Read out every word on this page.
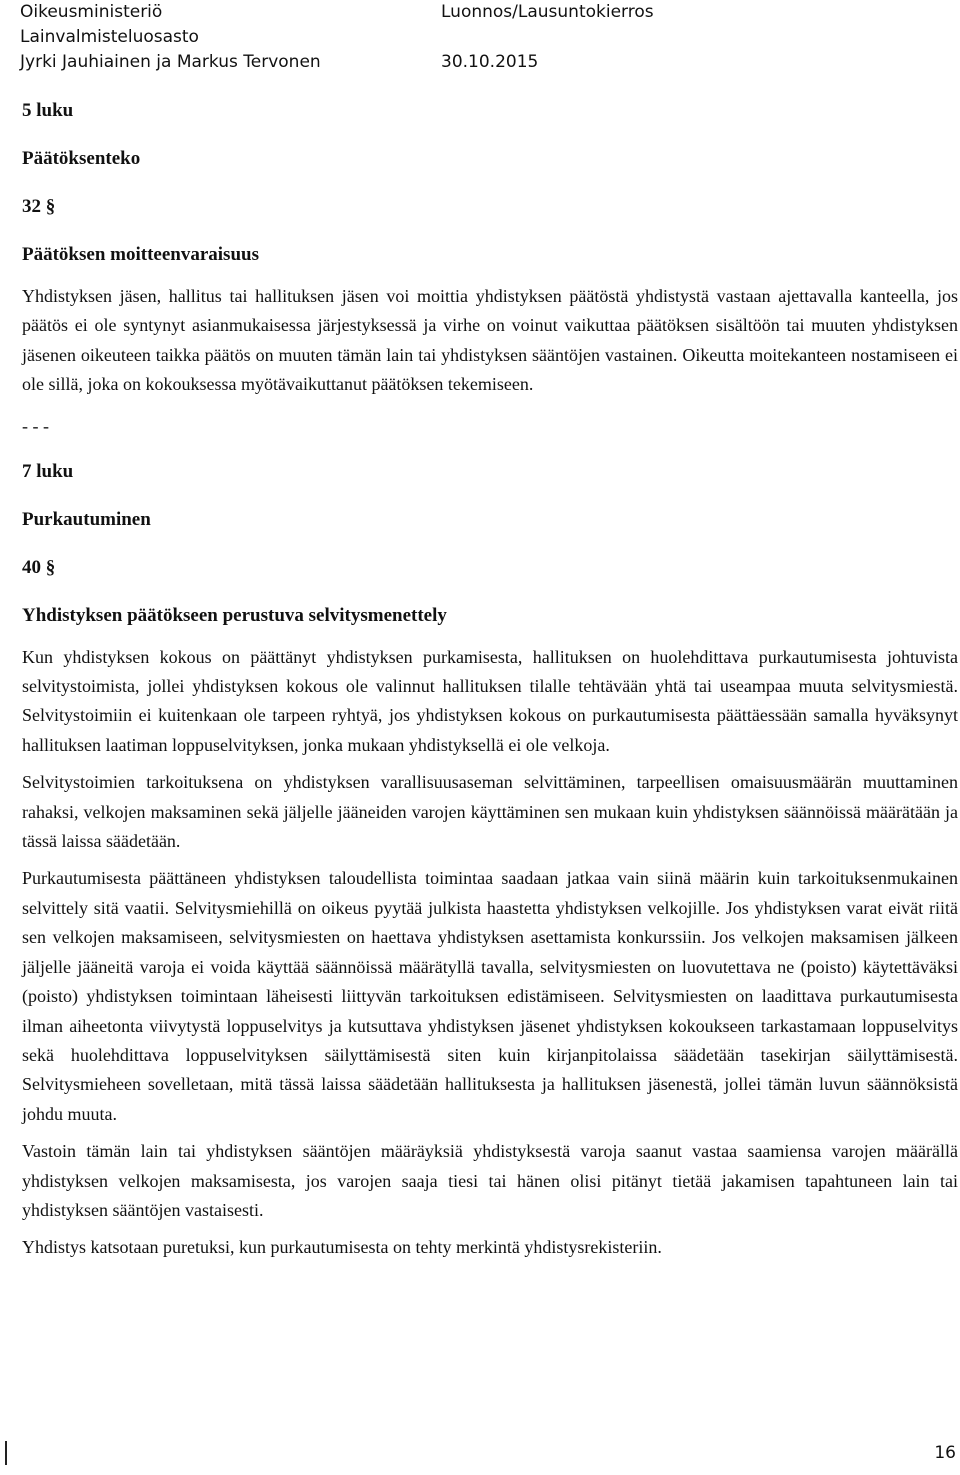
Oikeusministeriö	Luonnos/Lausuntokierros
Lainvalmisteluosasto
Jyrki Jauhiainen ja Markus Tervonen	30.10.2015

5 luku

Päätöksenteko

32 §

Päätöksen moitteenvaraisuus

Yhdistyksen jäsen, hallitus tai hallituksen jäsen voi moittia yhdistyksen päätöstä yhdistystä vastaan ajettavalla kanteella, jos päätös ei ole syntynyt asianmukaisessa järjestyksessä ja virhe on voinut vaikuttaa päätöksen sisältöön tai muuten yhdistyksen jäsenen oikeuteen taikka päätös on muuten tämän lain tai yhdistyksen sääntöjen vastainen. Oikeutta moitekanteen nostamiseen ei ole sillä, joka on kokouksessa myötävaikuttanut päätöksen tekemiseen.

- - -

7 luku

Purkautuminen

40 §

Yhdistyksen päätökseen perustuva selvitysmenettely

Kun yhdistyksen kokous on päättänyt yhdistyksen purkamisesta, hallituksen on huolehdittava purkautumisesta johtuvista selvitystoimista, jollei yhdistyksen kokous ole valinnut hallituksen tilalle tehtävään yhtä tai useampaa muuta selvitysmiestä. Selvitystoimiin ei kuitenkaan ole tarpeen ryhtyä, jos yhdistyksen kokous on purkautumisesta päättäessään samalla hyväksynyt hallituksen laatiman loppuselvityksen, jonka mukaan yhdistyksellä ei ole velkoja.

Selvitystoimien tarkoituksena on yhdistyksen varallisuusaseman selvittäminen, tarpeellisen omaisuusmäärän muuttaminen rahaksi, velkojen maksaminen sekä jäljelle jääneiden varojen käyttäminen sen mukaan kuin yhdistyksen säännöissä määrätään ja tässä laissa säädetään.

Purkautumisesta päättäneen yhdistyksen taloudellista toimintaa saadaan jatkaa vain siinä määrin kuin tarkoituksenmukainen selvittely sitä vaatii. Selvitysmiehillä on oikeus pyytää julkista haastetta yhdistyksen velkojille. Jos yhdistyksen varat eivät riitä sen velkojen maksamiseen, selvitysmiesten on haettava yhdistyksen asettamista konkurssiin. Jos velkojen maksamisen jälkeen jäljelle jääneitä varoja ei voida käyttää säännöissä määrätyllä tavalla, selvitysmiesten on luovutettava ne (poisto) käytettäväksi (poisto) yhdistyksen toimintaan läheisesti liittyvän tarkoituksen edistämiseen. Selvitysmiesten on laadittava purkautumisesta ilman aiheetonta viivytystä loppuselvitys ja kutsuttava yhdistyksen jäsenet yhdistyksen kokoukseen tarkastamaan loppuselvitys sekä huolehdittava loppuselvityksen säilyttämisestä siten kuin kirjanpitolaissa säädetään tasekirjan säilyttämisestä. Selvitysmieheen sovelletaan, mitä tässä laissa säädetään hallituksesta ja hallituksen jäsenestä, jollei tämän luvun säännöksistä johdu muuta.

Vastoin tämän lain tai yhdistyksen sääntöjen määräyksiä yhdistyksestä varoja saanut vastaa saamiensa varojen määrällä yhdistyksen velkojen maksamisesta, jos varojen saaja tiesi tai hänen olisi pitänyt tietää jakamisen tapahtuneen lain tai yhdistyksen sääntöjen vastaisesti.

Yhdistys katsotaan puretuksi, kun purkautumisesta on tehty merkintä yhdistysrekisteriin.

16
